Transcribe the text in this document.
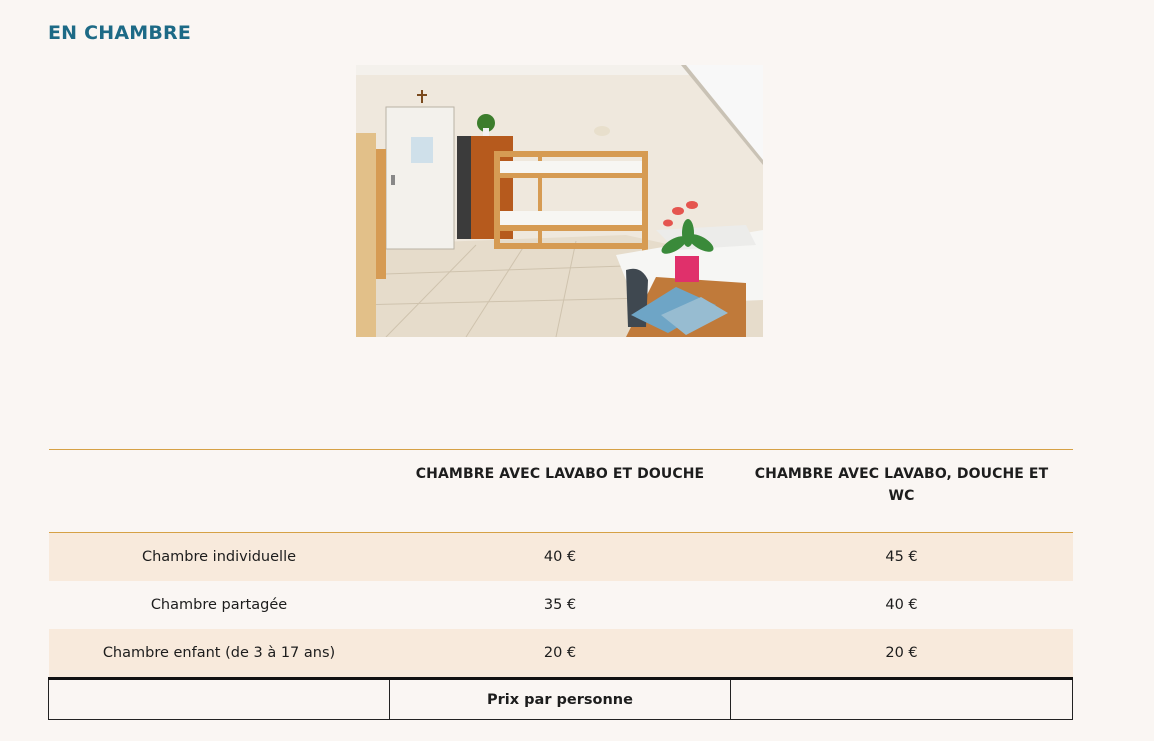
EN CHAMBRE
	CHAMBRE AVEC LAVABO ET DOUCHE	CHAMBRE AVEC LAVABO, DOUCHE ET WC
Chambre individuelle	40 €	45 €
Chambre partagée	35 €	40 €
Chambre enfant (de 3 à 17 ans)	20 €	20 €
	Prix par personne	
